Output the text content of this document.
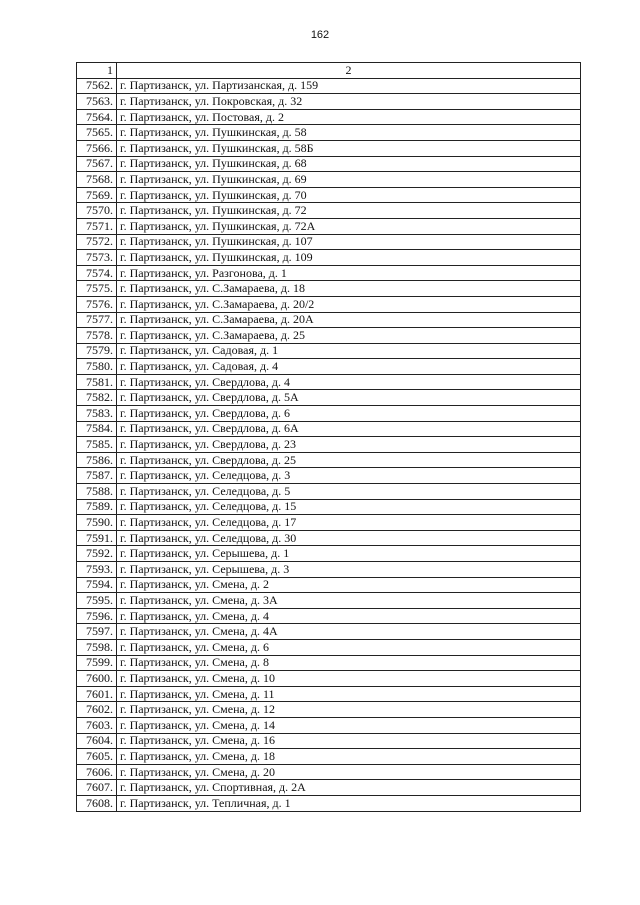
162
1	2
7562.	г. Партизанск, ул. Партизанская, д. 159
7563.	г. Партизанск, ул. Покровская, д. 32
7564.	г. Партизанск, ул. Постовая, д. 2
7565.	г. Партизанск, ул. Пушкинская, д. 58
7566.	г. Партизанск, ул. Пушкинская, д. 58Б
7567.	г. Партизанск, ул. Пушкинская, д. 68
7568.	г. Партизанск, ул. Пушкинская, д. 69
7569.	г. Партизанск, ул. Пушкинская, д. 70
7570.	г. Партизанск, ул. Пушкинская, д. 72
7571.	г. Партизанск, ул. Пушкинская, д. 72А
7572.	г. Партизанск, ул. Пушкинская, д. 107
7573.	г. Партизанск, ул. Пушкинская, д. 109
7574.	г. Партизанск, ул. Разгонова, д. 1
7575.	г. Партизанск, ул. С.Замараева, д. 18
7576.	г. Партизанск, ул. С.Замараева, д. 20/2
7577.	г. Партизанск, ул. С.Замараева, д. 20А
7578.	г. Партизанск, ул. С.Замараева, д. 25
7579.	г. Партизанск, ул. Садовая, д. 1
7580.	г. Партизанск, ул. Садовая, д. 4
7581.	г. Партизанск, ул. Свердлова, д. 4
7582.	г. Партизанск, ул. Свердлова, д. 5А
7583.	г. Партизанск, ул. Свердлова, д. 6
7584.	г. Партизанск, ул. Свердлова, д. 6А
7585.	г. Партизанск, ул. Свердлова, д. 23
7586.	г. Партизанск, ул. Свердлова, д. 25
7587.	г. Партизанск, ул. Селедцова, д. 3
7588.	г. Партизанск, ул. Селедцова, д. 5
7589.	г. Партизанск, ул. Селедцова, д. 15
7590.	г. Партизанск, ул. Селедцова, д. 17
7591.	г. Партизанск, ул. Селедцова, д. 30
7592.	г. Партизанск, ул. Серышева, д. 1
7593.	г. Партизанск, ул. Серышева, д. 3
7594.	г. Партизанск, ул. Смена, д. 2
7595.	г. Партизанск, ул. Смена, д. 3А
7596.	г. Партизанск, ул. Смена, д. 4
7597.	г. Партизанск, ул. Смена, д. 4А
7598.	г. Партизанск, ул. Смена, д. 6
7599.	г. Партизанск, ул. Смена, д. 8
7600.	г. Партизанск, ул. Смена, д. 10
7601.	г. Партизанск, ул. Смена, д. 11
7602.	г. Партизанск, ул. Смена, д. 12
7603.	г. Партизанск, ул. Смена, д. 14
7604.	г. Партизанск, ул. Смена, д. 16
7605.	г. Партизанск, ул. Смена, д. 18
7606.	г. Партизанск, ул. Смена, д. 20
7607.	г. Партизанск, ул. Спортивная, д. 2А
7608.	г. Партизанск, ул. Тепличная, д. 1
